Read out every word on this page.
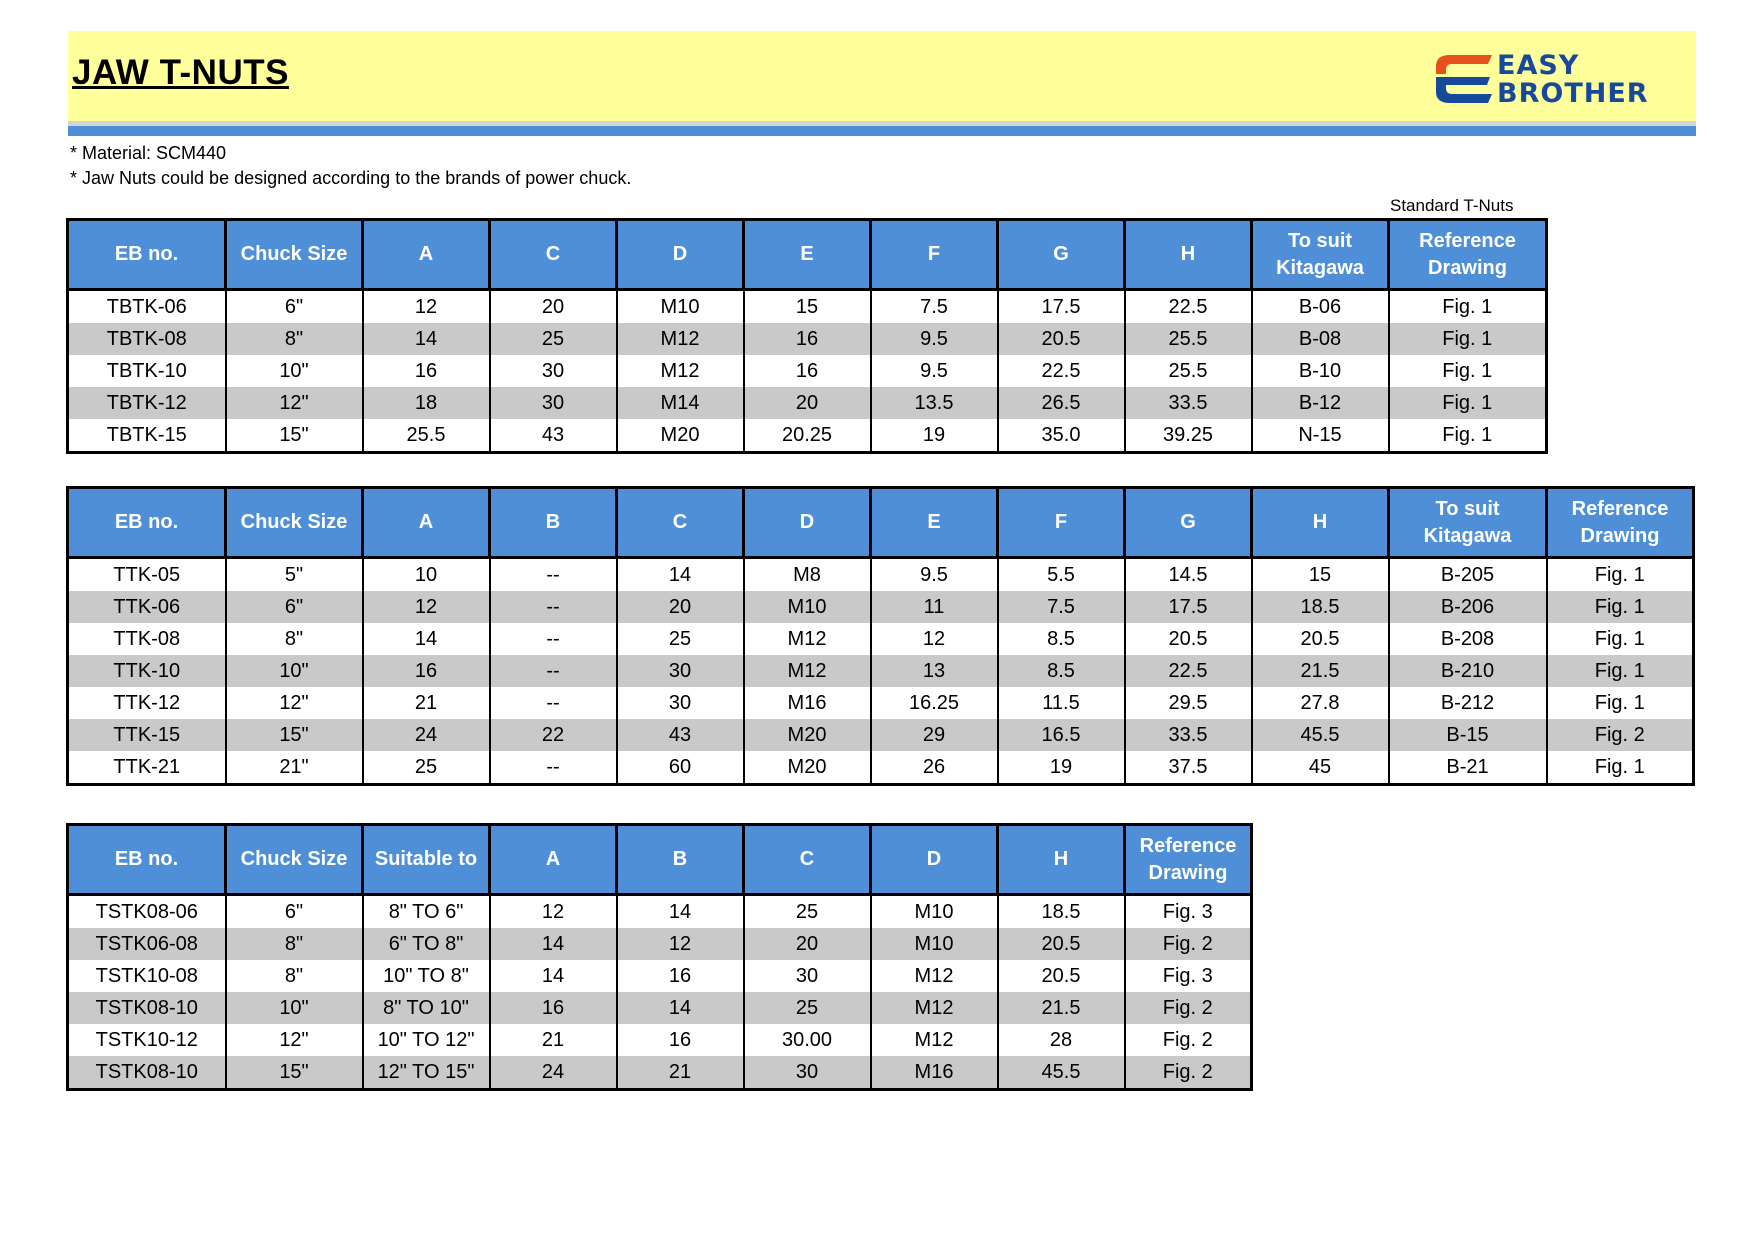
JAW T-NUTS	EASY
BROTHER
* Material: SCM440
* Jaw Nuts could be designed according to the brands of power chuck.
Standard T-Nuts
EB no.	Chuck Size	A	C	D	E	F	G	H	To suit Kitagawa	Reference Drawing
TBTK-06	6"	12	20	M10	15	7.5	17.5	22.5	B-06	Fig. 1
TBTK-08	8"	14	25	M12	16	9.5	20.5	25.5	B-08	Fig. 1
TBTK-10	10"	16	30	M12	16	9.5	22.5	25.5	B-10	Fig. 1
TBTK-12	12"	18	30	M14	20	13.5	26.5	33.5	B-12	Fig. 1
TBTK-15	15"	25.5	43	M20	20.25	19	35.0	39.25	N-15	Fig. 1
EB no.	Chuck Size	A	B	C	D	E	F	G	H	To suit Kitagawa	Reference Drawing
TTK-05	5"	10	--	14	M8	9.5	5.5	14.5	15	B-205	Fig. 1
TTK-06	6"	12	--	20	M10	11	7.5	17.5	18.5	B-206	Fig. 1
TTK-08	8"	14	--	25	M12	12	8.5	20.5	20.5	B-208	Fig. 1
TTK-10	10"	16	--	30	M12	13	8.5	22.5	21.5	B-210	Fig. 1
TTK-12	12"	21	--	30	M16	16.25	11.5	29.5	27.8	B-212	Fig. 1
TTK-15	15"	24	22	43	M20	29	16.5	33.5	45.5	B-15	Fig. 2
TTK-21	21"	25	--	60	M20	26	19	37.5	45	B-21	Fig. 1
EB no.	Chuck Size	Suitable to	A	B	C	D	H	Reference Drawing
TSTK08-06	6"	8" TO 6"	12	14	25	M10	18.5	Fig. 3
TSTK06-08	8"	6" TO 8"	14	12	20	M10	20.5	Fig. 2
TSTK10-08	8"	10" TO 8"	14	16	30	M12	20.5	Fig. 3
TSTK08-10	10"	8" TO 10"	16	14	25	M12	21.5	Fig. 2
TSTK10-12	12"	10" TO 12"	21	16	30.00	M12	28	Fig. 2
TSTK08-10	15"	12" TO 15"	24	21	30	M16	45.5	Fig. 2
